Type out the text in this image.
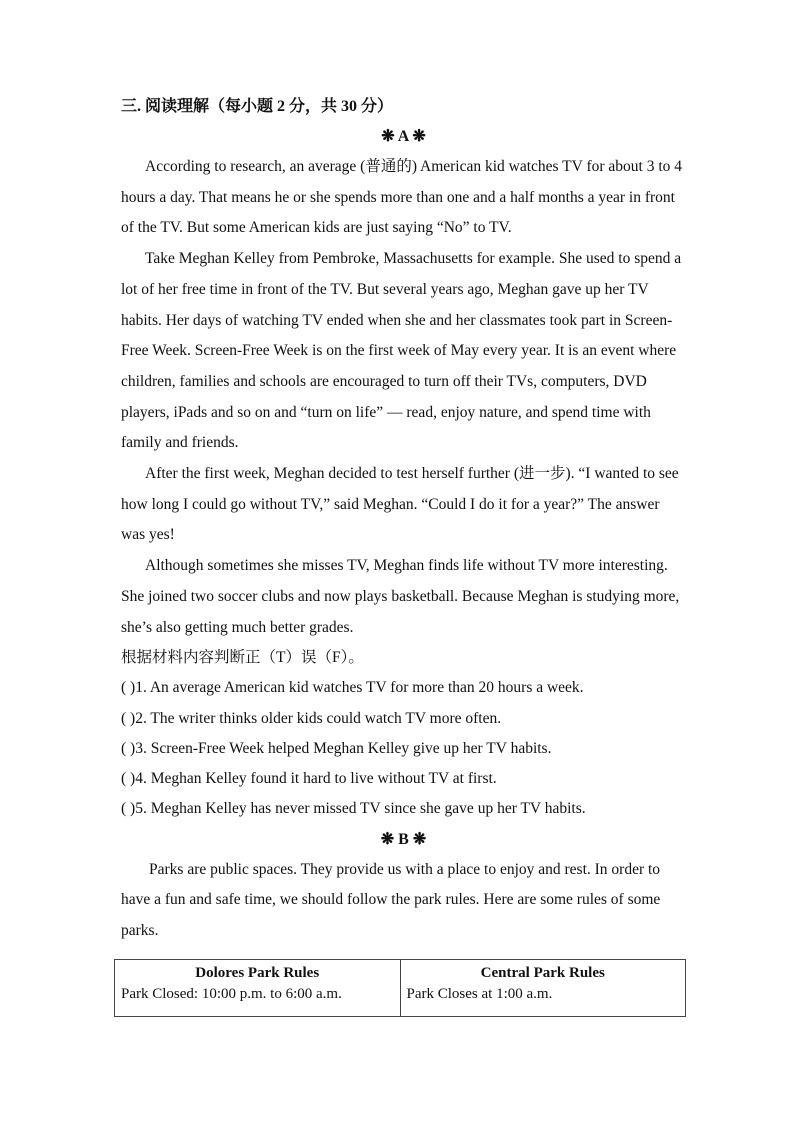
三. 阅读理解（每小题 2 分，共 30 分）
❋ A ❋

According to research, an average (普通的) American kid watches TV for about 3 to 4 hours a day. That means he or she spends more than one and a half months a year in front of the TV. But some American kids are just saying “No” to TV.

Take Meghan Kelley from Pembroke, Massachusetts for example. She used to spend a lot of her free time in front of the TV. But several years ago, Meghan gave up her TV habits. Her days of watching TV ended when she and her classmates took part in Screen-Free Week. Screen-Free Week is on the first week of May every year. It is an event where children, families and schools are encouraged to turn off their TVs, computers, DVD players, iPads and so on and “turn on life” — read, enjoy nature, and spend time with family and friends.

After the first week, Meghan decided to test herself further (进一步). “I wanted to see how long I could go without TV,” said Meghan. “Could I do it for a year?” The answer was yes!

Although sometimes she misses TV, Meghan finds life without TV more interesting. She joined two soccer clubs and now plays basketball. Because Meghan is studying more, she’s also getting much better grades.

根据材料内容判断正（T）误（F）。

( )1. An average American kid watches TV for more than 20 hours a week.
( )2. The writer thinks older kids could watch TV more often.
( )3. Screen-Free Week helped Meghan Kelley give up her TV habits.
( )4. Meghan Kelley found it hard to live without TV at first.
( )5. Meghan Kelley has never missed TV since she gave up her TV habits.
❋ B ❋

Parks are public spaces. They provide us with a place to enjoy and rest. In order to have a fun and safe time, we should follow the park rules. Here are some rules of some parks.

Dolores Park Rules	Central Park Rules
Park Closed: 10:00 p.m. to 6:00 a.m.	Park Closes at 1:00 a.m.
